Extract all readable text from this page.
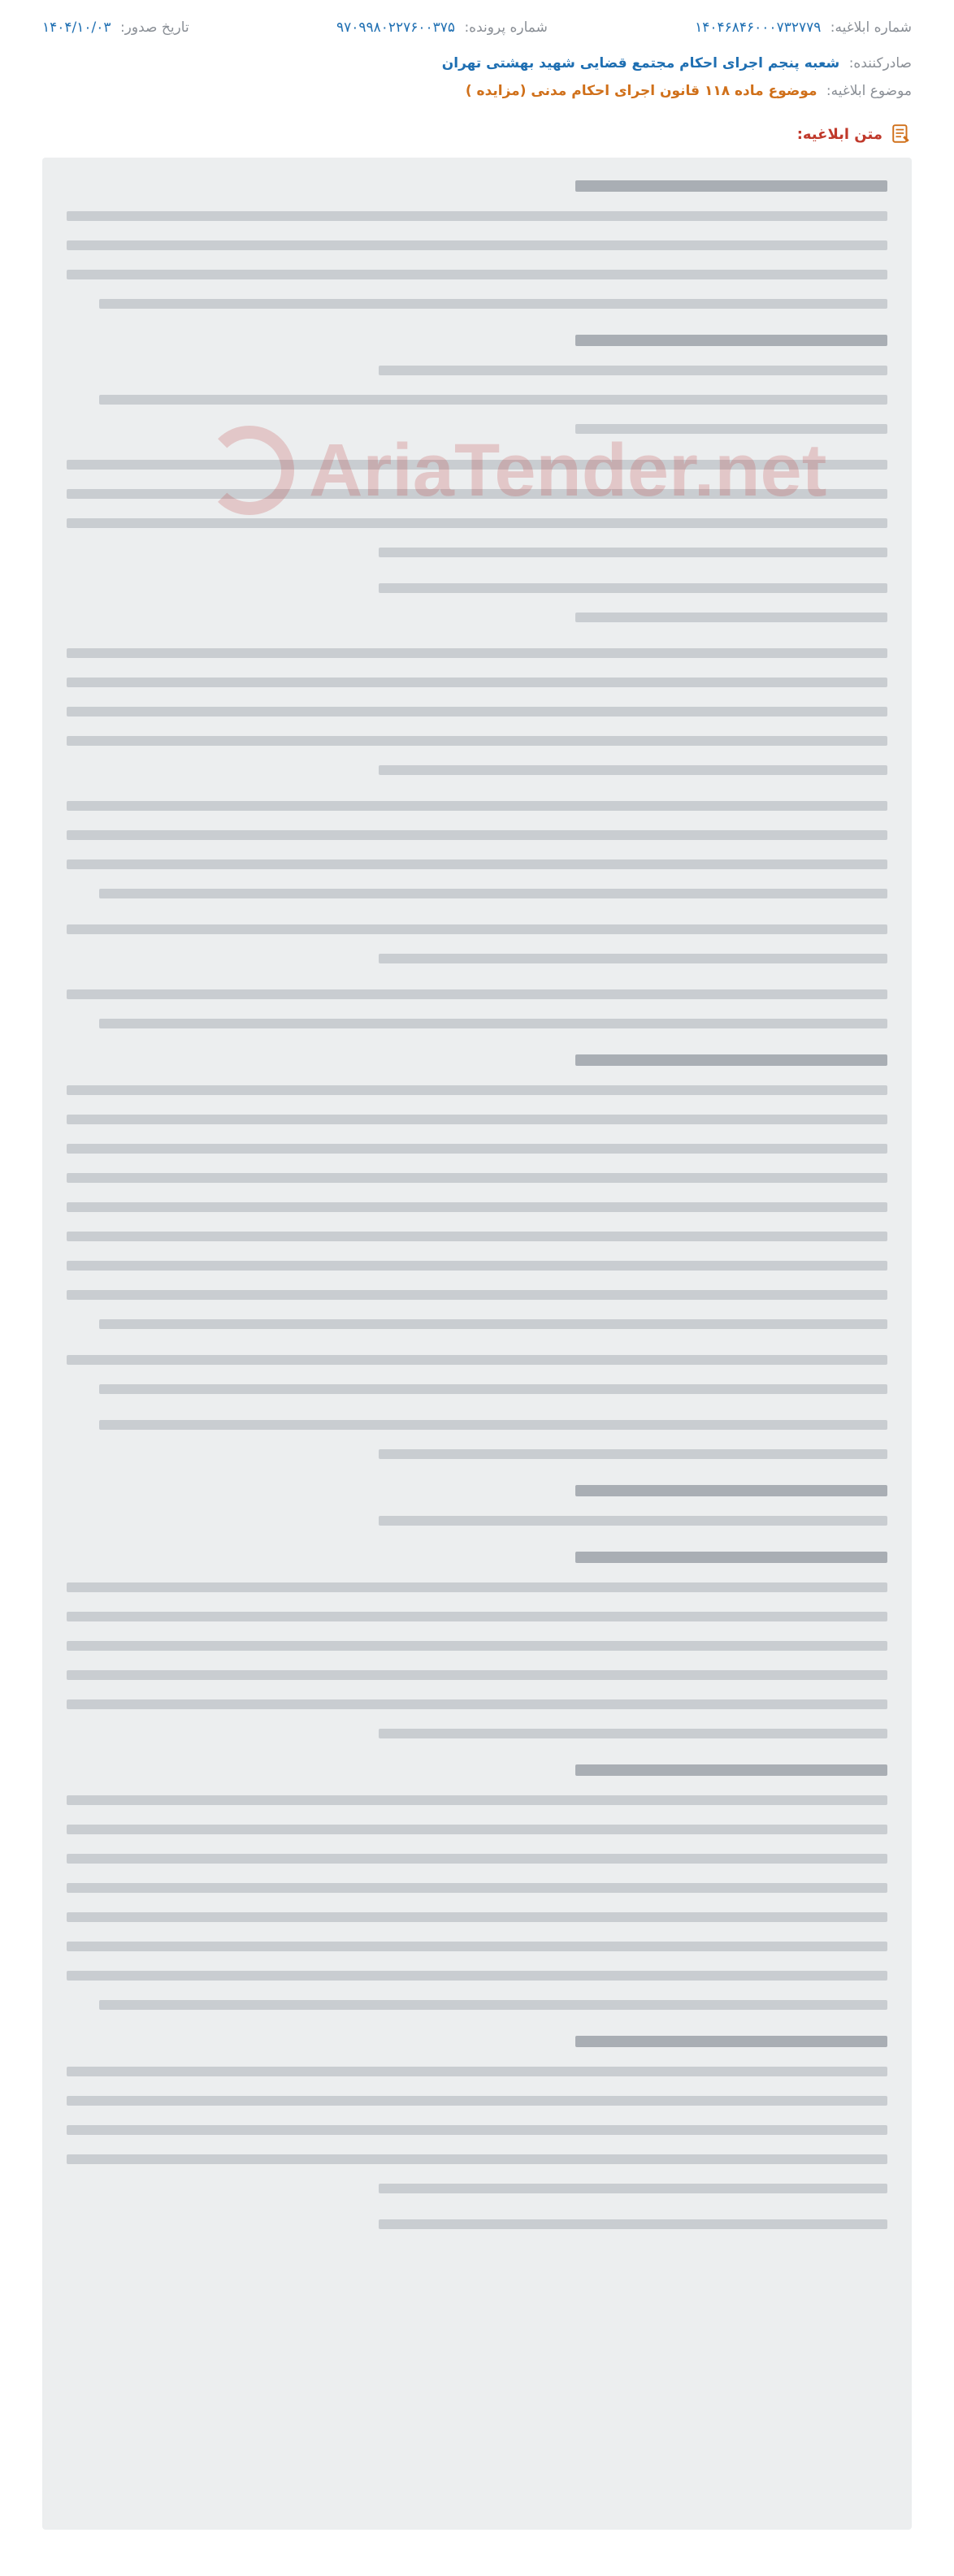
شماره ابلاغیه: ۱۴۰۴۶۸۴۶۰۰۰۷۳۲۷۷۹
شماره پرونده: ۹۷۰۹۹۸۰۲۲۷۶۰۰۳۷۵
تاریخ صدور: ۱۴۰۴/۱۰/۰۳
صادرکننده: شعبه پنجم اجرای احکام مجتمع قضایی شهید بهشتی تهران
موضوع ابلاغیه: موضوع ماده ۱۱۸ قانون اجرای احکام مدنی (مزایده )
متن ابلاغیه:
AriaTender.net
